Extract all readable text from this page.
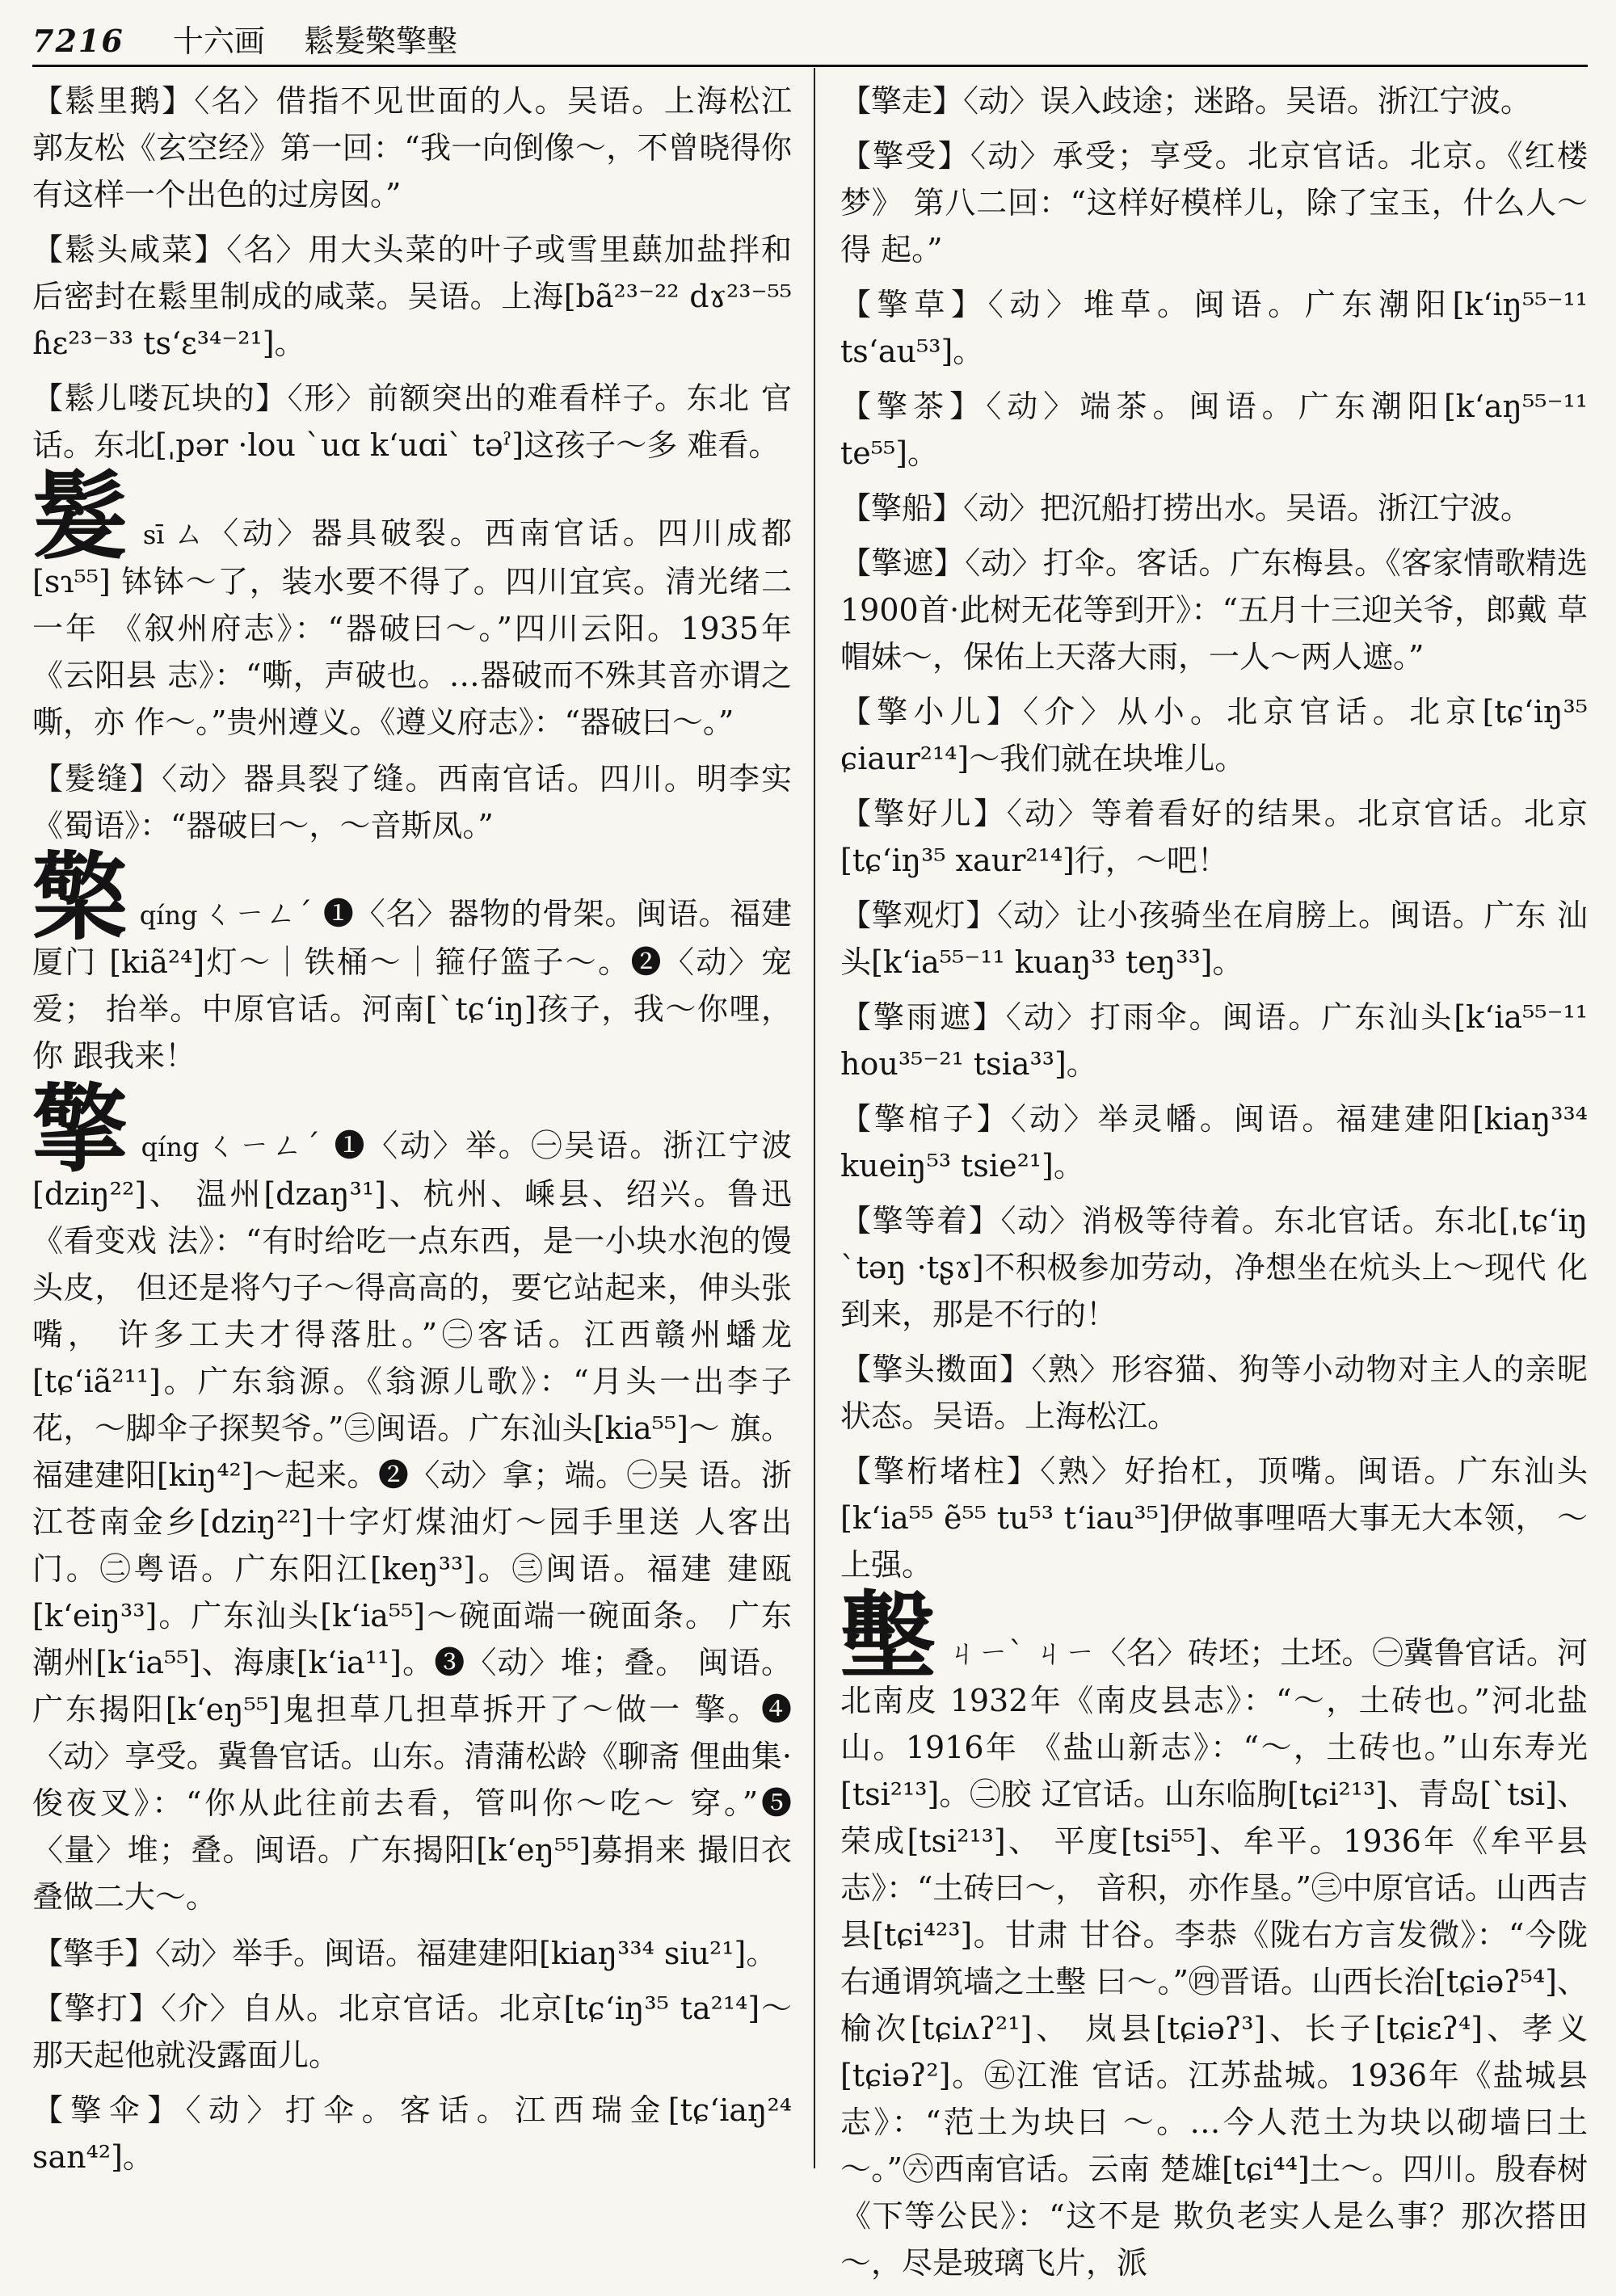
7216 十六画 鬆髮檠擎墼
【鬆里鹅】〈名〉借指不见世面的人。吴语。上海松江 郭友松《玄空经》第一回：“我一向倒像～，不曾晓得你 有这样一个出色的过房囡。”
【鬆头咸菜】〈名〉用大头菜的叶子或雪里蕻加盐拌和 后密封在鬆里制成的咸菜。吴语。上海[bã²³⁻²² dɤ²³⁻⁵⁵ ɦɛ²³⁻³³ tsʻɛ³⁴⁻²¹]。
【鬆儿喽瓦块的】〈形〉前额突出的难看样子。东北 官话。东北[ˌpər ·lou ˋuɑ kʻuɑiˋ təˀ]这孩子～多 难看。
髮sī ㄙ〈动〉器具破裂。西南官话。四川成都[sɿ⁵⁵] 钵钵～了，装水要不得了。四川宜宾。清光绪二一年 《叙州府志》：“器破曰～。”四川云阳。1935年《云阳县 志》：“嘶，声破也。…器破而不殊其音亦谓之嘶，亦 作～。”贵州遵义。《遵义府志》：“器破曰～。”
【髮缝】〈动〉器具裂了缝。西南官话。四川。明李实 《蜀语》：“器破曰～，～音斯凤。”
檠qíng ㄑㄧㄥˊ ❶〈名〉器物的骨架。闽语。福建厦门 [kiã²⁴]灯～｜铁桶～｜箍仔篮子～。❷〈动〉宠爱； 抬举。中原官话。河南[ˋtɕʻiŋ]孩子，我～你哩，你 跟我来！
擎qíng ㄑㄧㄥˊ ❶〈动〉举。㊀吴语。浙江宁波[dziŋ²²]、 温州[dzaŋ³¹]、杭州、嵊县、绍兴。鲁迅《看变戏 法》：“有时给吃一点东西，是一小块水泡的馒头皮， 但还是将勺子～得高高的，要它站起来，伸头张嘴， 许多工夫才得落肚。”㊁客话。江西赣州蟠龙 [tɕʻiã²¹¹]。广东翁源。《翁源儿歌》：“月头一出李子 花，～脚伞子探契爷。”㊂闽语。广东汕头[kia⁵⁵]～ 旗。福建建阳[kiŋ⁴²]～起来。❷〈动〉拿；端。㊀吴 语。浙江苍南金乡[dziŋ²²]十字灯煤油灯～园手里送 人客出门。㊁粤语。广东阳江[keŋ³³]。㊂闽语。福建 建瓯[kʻeiŋ³³]。广东汕头[kʻia⁵⁵]～碗面端一碗面条。 广东潮州[kʻia⁵⁵]、海康[kʻia¹¹]。❸〈动〉堆；叠。 闽语。广东揭阳[kʻeŋ⁵⁵]鬼担草几担草拆开了～做一 擎。❹〈动〉享受。冀鲁官话。山东。清蒲松龄《聊斋 俚曲集·俊夜叉》：“你从此往前去看，管叫你～吃～ 穿。”❺〈量〉堆；叠。闽语。广东揭阳[kʻeŋ⁵⁵]募捐来 撮旧衣叠做二大～。
【擎手】〈动〉举手。闽语。福建建阳[kiaŋ³³⁴ siu²¹]。
【擎打】〈介〉自从。北京官话。北京[tɕʻiŋ³⁵ ta²¹⁴]～ 那天起他就没露面儿。
【擎伞】〈动〉打伞。客话。江西瑞金[tɕʻiaŋ²⁴ san⁴²]。
【擎走】〈动〉误入歧途；迷路。吴语。浙江宁波。
【擎受】〈动〉承受；享受。北京官话。北京。《红楼梦》 第八二回：“这样好模样儿，除了宝玉，什么人～得 起。”
【擎草】〈动〉堆草。闽语。广东潮阳[kʻiŋ⁵⁵⁻¹¹ tsʻau⁵³]。
【擎茶】〈动〉端茶。闽语。广东潮阳[kʻaŋ⁵⁵⁻¹¹ te⁵⁵]。
【擎船】〈动〉把沉船打捞出水。吴语。浙江宁波。
【擎遮】〈动〉打伞。客话。广东梅县。《客家情歌精选 1900首·此树无花等到开》：“五月十三迎关爷，郎戴 草帽妹～，保佑上天落大雨，一人～两人遮。”
【擎小儿】〈介〉从小。北京官话。北京[tɕʻiŋ³⁵ ɕiaur²¹⁴]～我们就在块堆儿。
【擎好儿】〈动〉等着看好的结果。北京官话。北京 [tɕʻiŋ³⁵ xaur²¹⁴]行，～吧！
【擎观灯】〈动〉让小孩骑坐在肩膀上。闽语。广东 汕头[kʻia⁵⁵⁻¹¹ kuaŋ³³ teŋ³³]。
【擎雨遮】〈动〉打雨伞。闽语。广东汕头[kʻia⁵⁵⁻¹¹ hou³⁵⁻²¹ tsia³³]。
【擎棺子】〈动〉举灵幡。闽语。福建建阳[kiaŋ³³⁴ kueiŋ⁵³ tsie²¹]。
【擎等着】〈动〉消极等待着。东北官话。东北[ˌtɕʻiŋ ˋtəŋ ·tʂɤ]不积极参加劳动，净想坐在炕头上～现代 化到来，那是不行的！
【擎头擞面】〈熟〉形容猫、狗等小动物对主人的亲昵 状态。吴语。上海松江。
【擎桁堵柱】〈熟〉好抬杠，顶嘴。闽语。广东汕头 [kʻia⁵⁵ ẽ⁵⁵ tu⁵³ tʻiau³⁵]伊做事哩唔大事无大本领， ～上强。
墼ㄐㄧˋ ㄐㄧ〈名〉砖坯；土坯。㊀冀鲁官话。河北南皮 1932年《南皮县志》：“～，土砖也。”河北盐山。1916年 《盐山新志》：“～，土砖也。”山东寿光[tsi²¹³]。㊁胶 辽官话。山东临朐[tɕi²¹³]、青岛[ˋtsi]、荣成[tsi²¹³]、 平度[tsi⁵⁵]、牟平。1936年《牟平县志》：“土砖曰～， 音积，亦作垦。”㊂中原官话。山西吉县[tɕi⁴²³]。甘肃 甘谷。李恭《陇右方言发微》：“今陇右通谓筑墙之土墼 曰～。”㊃晋语。山西长治[tɕiəʔ⁵⁴]、榆次[tɕiʌʔ²¹]、 岚县[tɕiəʔ³]、长子[tɕiɛʔ⁴]、孝义[tɕiəʔ²]。㊄江淮 官话。江苏盐城。1936年《盐城县志》：“范土为块曰 ～。…今人范土为块以砌墙曰土～。”㊅西南官话。云南 楚雄[tɕi⁴⁴]土～。四川。殷春树《下等公民》：“这不是 欺负老实人是么事？那次搭田～，尽是玻璃飞片，派
